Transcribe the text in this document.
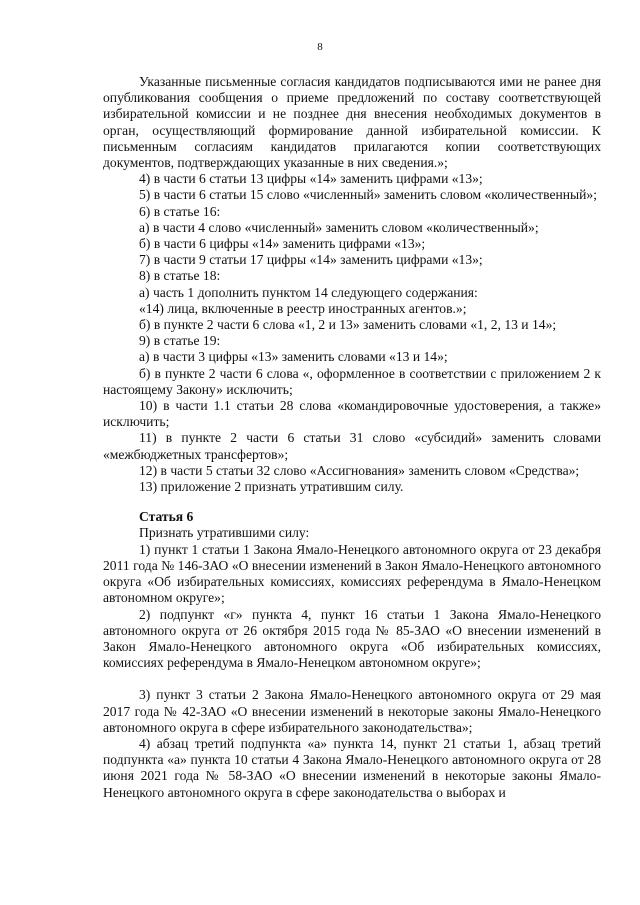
8

Указанные письменные согласия кандидатов подписываются ими не ранее дня опубликования сообщения о приеме предложений по составу соответствующей избирательной комиссии и не позднее дня внесения необходимых документов в орган, осуществляющий формирование данной избирательной комиссии. К письменным согласиям кандидатов прилагаются копии соответствующих документов, подтверждающих указанные в них сведения.»;

4) в части 6 статьи 13 цифры «14» заменить цифрами «13»;

5) в части 6 статьи 15 слово «численный» заменить словом «количественный»;

6) в статье 16:

а) в части 4 слово «численный» заменить словом «количественный»;

б) в части 6 цифры «14» заменить цифрами «13»;

7) в части 9 статьи 17 цифры «14» заменить цифрами «13»;

8) в статье 18:

а) часть 1 дополнить пунктом 14 следующего содержания:

«14) лица, включенные в реестр иностранных агентов.»;

б) в пункте 2 части 6 слова «1, 2 и 13» заменить словами «1, 2, 13 и 14»;

9) в статье 19:

а) в части 3 цифры «13» заменить словами «13 и 14»;

б) в пункте 2 части 6 слова «, оформленное в соответствии с приложением 2 к настоящему Закону» исключить;

10) в части 1.1 статьи 28 слова «командировочные удостоверения, а также» исключить;

11) в пункте 2 части 6 статьи 31 слово «субсидий» заменить словами «межбюджетных трансфертов»;

12) в части 5 статьи 32 слово «Ассигнования» заменить словом «Средства»;

13) приложение 2 признать утратившим силу.

Статья 6

Признать утратившими силу:

1) пункт 1 статьи 1 Закона Ямало-Ненецкого автономного округа от 23 декабря 2011 года № 146-ЗАО «О внесении изменений в Закон Ямало-Ненецкого автономного округа «Об избирательных комиссиях, комиссиях референдума в Ямало-Ненецком автономном округе»;

2) подпункт «г» пункта 4, пункт 16 статьи 1 Закона Ямало-Ненецкого автономного округа от 26 октября 2015 года № 85-ЗАО «О внесении изменений в Закон Ямало-Ненецкого автономного округа «Об избирательных комиссиях, комиссиях референдума в Ямало-Ненецком автономном округе»;

3) пункт 3 статьи 2 Закона Ямало-Ненецкого автономного округа от 29 мая 2017 года № 42-ЗАО «О внесении изменений в некоторые законы Ямало-Ненецкого автономного округа в сфере избирательного законодательства»;

4) абзац третий подпункта «а» пункта 14, пункт 21 статьи 1, абзац третий подпункта «а» пункта 10 статьи 4 Закона Ямало-Ненецкого автономного округа от 28 июня 2021 года № 58-ЗАО «О внесении изменений в некоторые законы Ямало-Ненецкого автономного округа в сфере законодательства о выборах и
